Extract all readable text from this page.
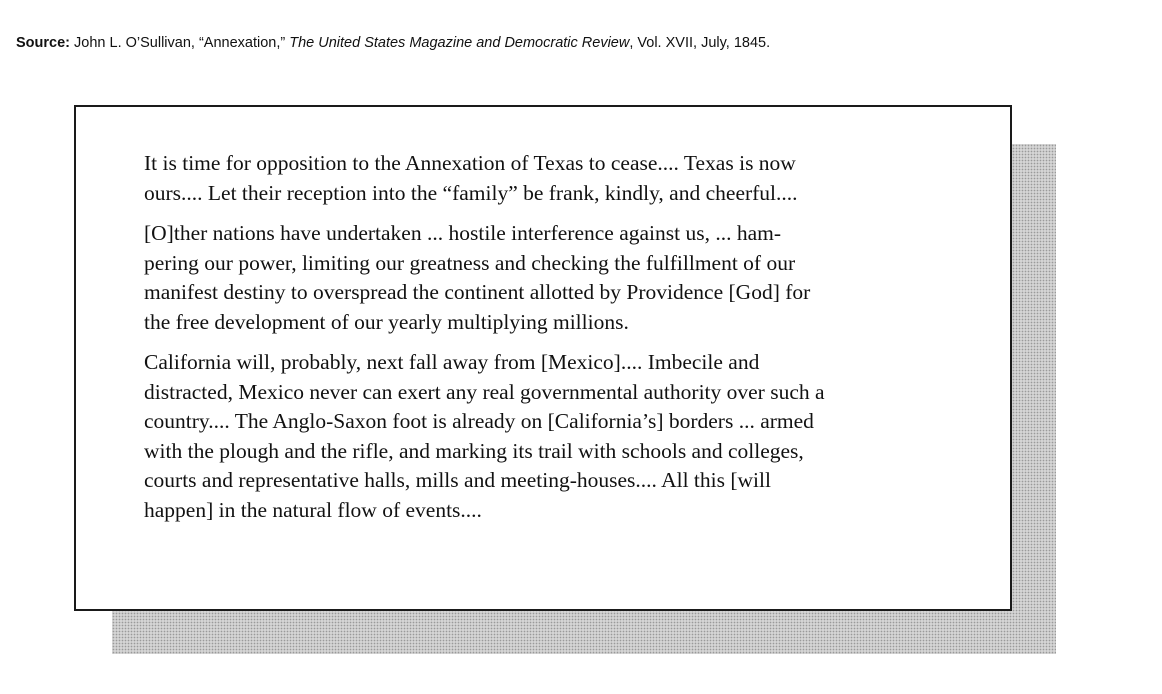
Source: John L. O’Sullivan, “Annexation,” The United States Magazine and Democratic Review, Vol. XVII, July, 1845.

It is time for opposition to the Annexation of Texas to cease.... Texas is now
ours.... Let their reception into the “family” be frank, kindly, and cheerful....

[O]ther nations have undertaken ... hostile interference against us, ... ham-
pering our power, limiting our greatness and checking the fulfillment of our
manifest destiny to overspread the continent allotted by Providence [God] for
the free development of our yearly multiplying millions.

California will, probably, next fall away from [Mexico].... Imbecile and
distracted, Mexico never can exert any real governmental authority over such a
country.... The Anglo-Saxon foot is already on [California’s] borders ... armed
with the plough and the rifle, and marking its trail with schools and colleges,
courts and representative halls, mills and meeting-houses.... All this [will
happen] in the natural flow of events....
